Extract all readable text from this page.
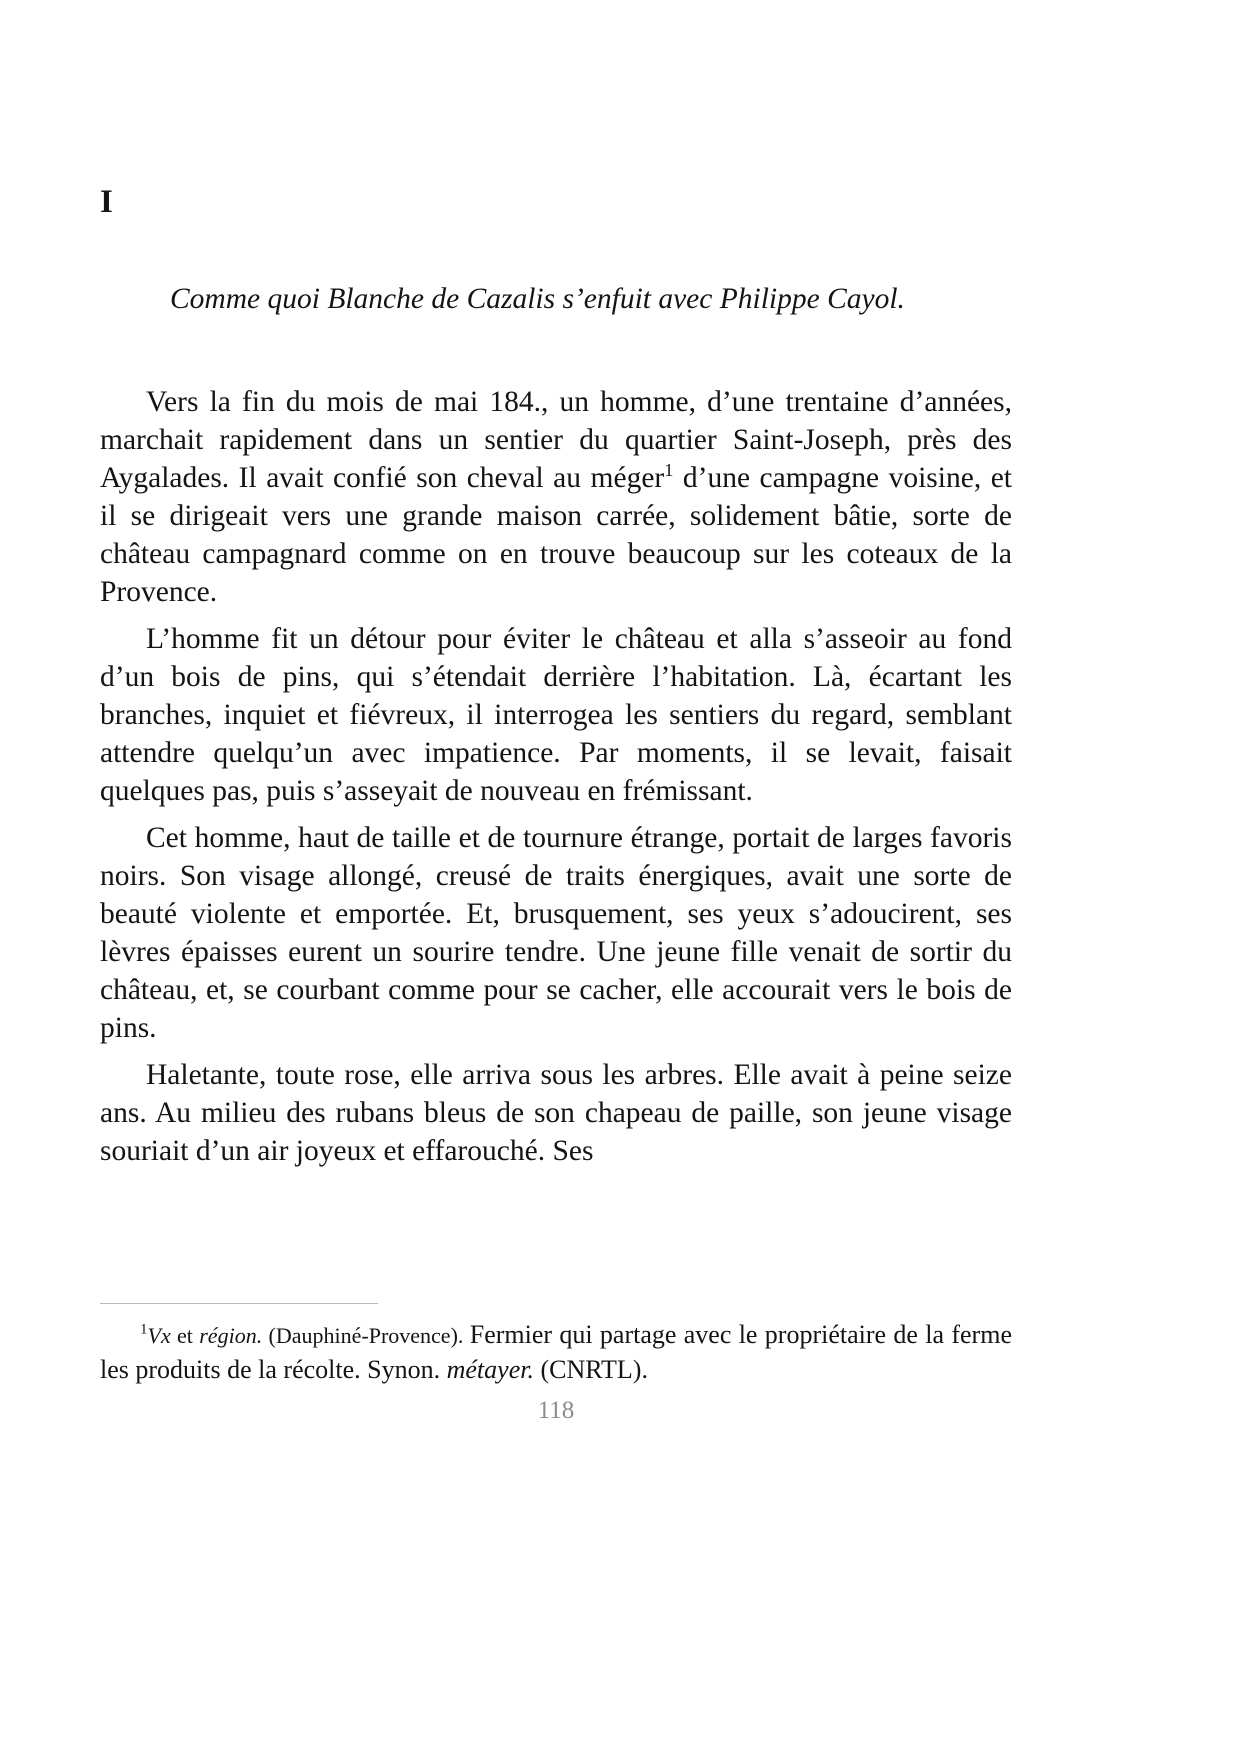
I
Comme quoi Blanche de Cazalis s’enfuit avec Philippe Cayol.

Vers la fin du mois de mai 184., un homme, d’une trentaine d’années, marchait rapidement dans un sentier du quartier Saint-Joseph, près des Aygalades. Il avait confié son cheval au méger$^1$ d’une campagne voisine, et il se dirigeait vers une grande maison carrée, solidement bâtie, sorte de château campagnard comme on en trouve beaucoup sur les coteaux de la Provence.

L’homme fit un détour pour éviter le château et alla s’asseoir au fond d’un bois de pins, qui s’étendait derrière l’habitation. Là, écartant les branches, inquiet et fiévreux, il interrogea les sentiers du regard, semblant attendre quelqu’un avec impatience. Par moments, il se levait, faisait quelques pas, puis s’asseyait de nouveau en frémissant.

Cet homme, haut de taille et de tournure étrange, portait de larges favoris noirs. Son visage allongé, creusé de traits énergiques, avait une sorte de beauté violente et emportée. Et, brusquement, ses yeux s’adoucirent, ses lèvres épaisses eurent un sourire tendre. Une jeune fille venait de sortir du château, et, se courbant comme pour se cacher, elle accourait vers le bois de pins.

Haletante, toute rose, elle arriva sous les arbres. Elle avait à peine seize ans. Au milieu des rubans bleus de son chapeau de paille, son jeune visage souriait d’un air joyeux et effarouché. Ses

$^1$Vx et région. (Dauphiné-Provence). Fermier qui partage avec le propriétaire de la ferme les produits de la récolte. Synon. métayer. (CNRTL).

118
